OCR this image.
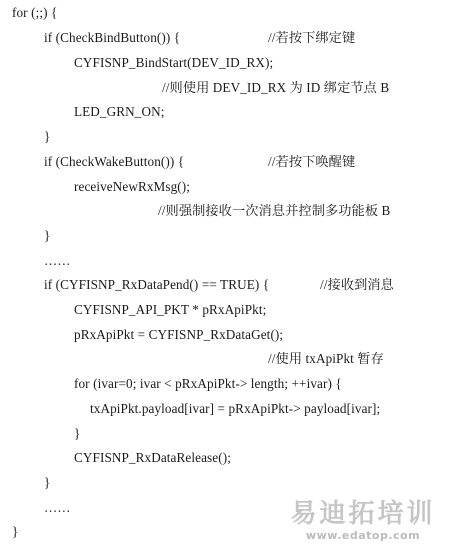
for (;;) {
if (CheckBindButton()) {	//若按下绑定键
CYFISNP_BindStart(DEV_ID_RX);
//则使用 DEV_ID_RX 为 ID 绑定节点 B
LED_GRN_ON;
}
if (CheckWakeButton()) {	//若按下唤醒键
receiveNewRxMsg();
//则强制接收一次消息并控制多功能板 B
}
……
if (CYFISNP_RxDataPend() == TRUE) {	//接收到消息
CYFISNP_API_PKT * pRxApiPkt;
pRxApiPkt = CYFISNP_RxDataGet();
//使用 txApiPkt 暂存
for (ivar=0; ivar < pRxApiPkt-> length; ++ivar) {
txApiPkt.payload[ivar] = pRxApiPkt-> payload[ivar];
}
CYFISNP_RxDataRelease();
}
……
}
易迪拓培训
www.edatop.com
